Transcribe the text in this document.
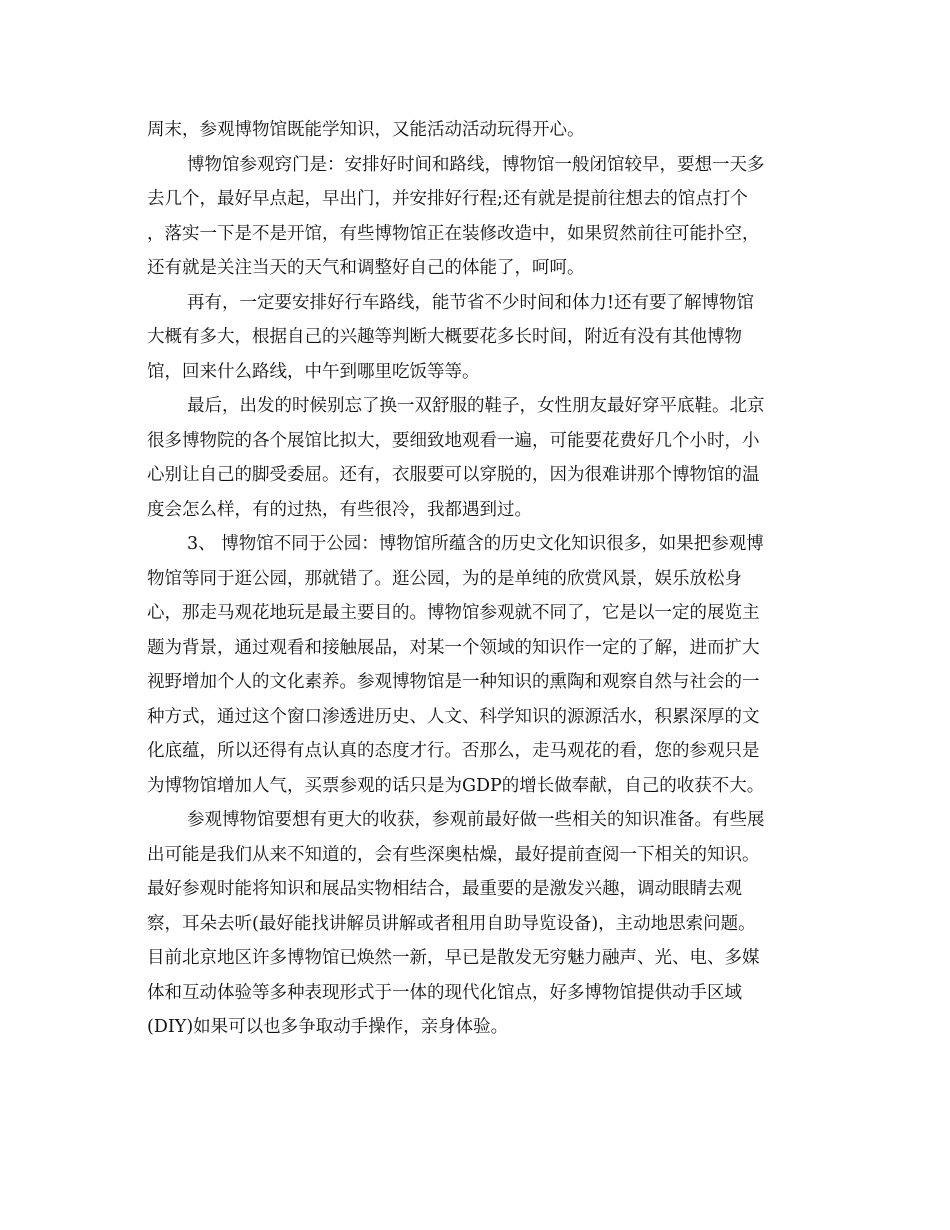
周末，参观博物馆既能学知识，又能活动活动玩得开心。
博物馆参观窍门是：安排好时间和路线，博物馆一般闭馆较早，要想一天多
去几个，最好早点起，早出门，并安排好行程;还有就是提前往想去的馆点打个
，落实一下是不是开馆，有些博物馆正在装修改造中，如果贸然前往可能扑空，
还有就是关注当天的天气和调整好自己的体能了，呵呵。
再有，一定要安排好行车路线，能节省不少时间和体力!还有要了解博物馆
大概有多大，根据自己的兴趣等判断大概要花多长时间，附近有没有其他博物
馆，回来什么路线，中午到哪里吃饭等等。
最后，出发的时候别忘了换一双舒服的鞋子，女性朋友最好穿平底鞋。北京
很多博物院的各个展馆比拟大，要细致地观看一遍，可能要花费好几个小时，小
心别让自己的脚受委屈。还有，衣服要可以穿脱的，因为很难讲那个博物馆的温
度会怎么样，有的过热，有些很冷，我都遇到过。
3、 博物馆不同于公园：博物馆所蕴含的历史文化知识很多，如果把参观博
物馆等同于逛公园，那就错了。逛公园，为的是单纯的欣赏风景，娱乐放松身
心，那走马观花地玩是最主要目的。博物馆参观就不同了，它是以一定的展览主
题为背景，通过观看和接触展品，对某一个领域的知识作一定的了解，进而扩大
视野增加个人的文化素养。参观博物馆是一种知识的熏陶和观察自然与社会的一
种方式，通过这个窗口渗透进历史、人文、科学知识的源源活水，积累深厚的文
化底蕴，所以还得有点认真的态度才行。否那么，走马观花的看，您的参观只是
为博物馆增加人气，买票参观的话只是为GDP的增长做奉献，自己的收获不大。
参观博物馆要想有更大的收获，参观前最好做一些相关的知识准备。有些展
出可能是我们从来不知道的，会有些深奥枯燥，最好提前查阅一下相关的知识。
最好参观时能将知识和展品实物相结合，最重要的是激发兴趣，调动眼睛去观
察，耳朵去听(最好能找讲解员讲解或者租用自助导览设备)，主动地思索问题。
目前北京地区许多博物馆已焕然一新，早已是散发无穷魅力融声、光、电、多媒
体和互动体验等多种表现形式于一体的现代化馆点，好多博物馆提供动手区域
(DIY)如果可以也多争取动手操作，亲身体验。
